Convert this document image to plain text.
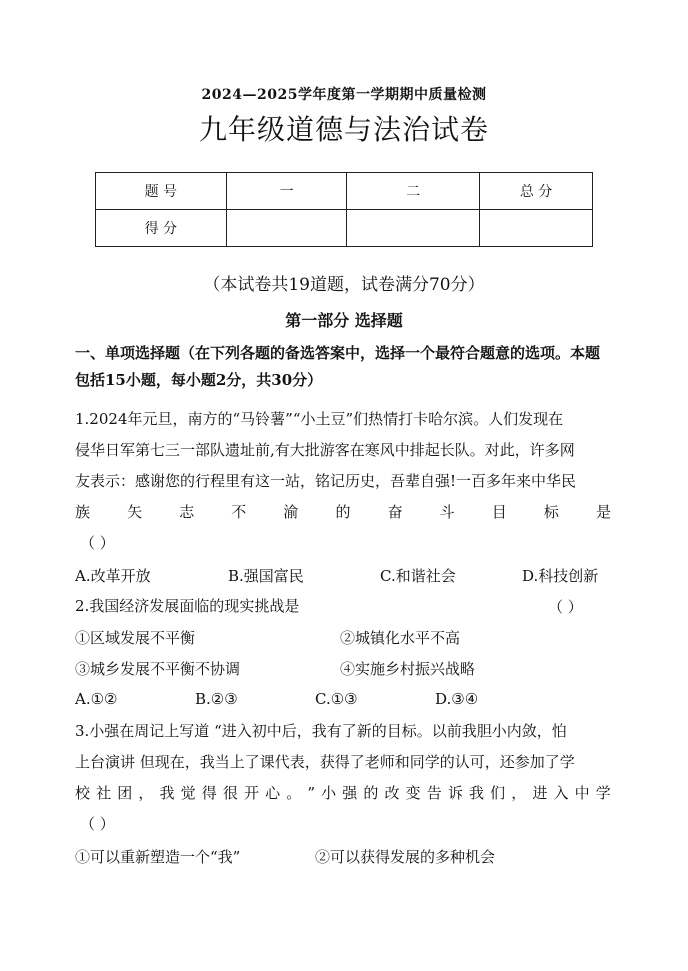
2024—2025学年度第一学期期中质量检测
九年级道德与法治试卷
题 号	一	二	总 分
得 分			
（本试卷共19道题，试卷满分70分）
第一部分 选择题
一、单项选择题（在下列各题的备选答案中，选择一个最符合题意的选项。本题
包括15小题，每小题2分，共30分）
1.2024年元旦，南方的“马铃薯”“小土豆”们热情打卡哈尔滨。人们发现在
侵华日军第七三一部队遗址前,有大批游客在寒风中排起长队。对此，许多网
友表示：感谢您的行程里有这一站，铭记历史，吾辈自强!一百多年来中华民
族 矢 志 不 渝 的 奋 斗 目 标 是
（ ）
A.改革开放	B.强国富民	C.和谐社会	D.科技创新
2.我国经济发展面临的现实挑战是	（ ）
①区域发展不平衡	②城镇化水平不高
③城乡发展不平衡不协调	④实施乡村振兴战略
A.①②	B.②③	C.①③	D.③④
3.小强在周记上写道 “进入初中后，我有了新的目标。以前我胆小内敛，怕
上台演讲 但现在，我当上了课代表，获得了老师和同学的认可，还参加了学
校 社 团 ， 我 觉 得 很 开 心 。 ” 小 强 的 改 变 告 诉 我 们 ， 进 入 中 学
（ ）
①可以重新塑造一个“我”	②可以获得发展的多种机会
